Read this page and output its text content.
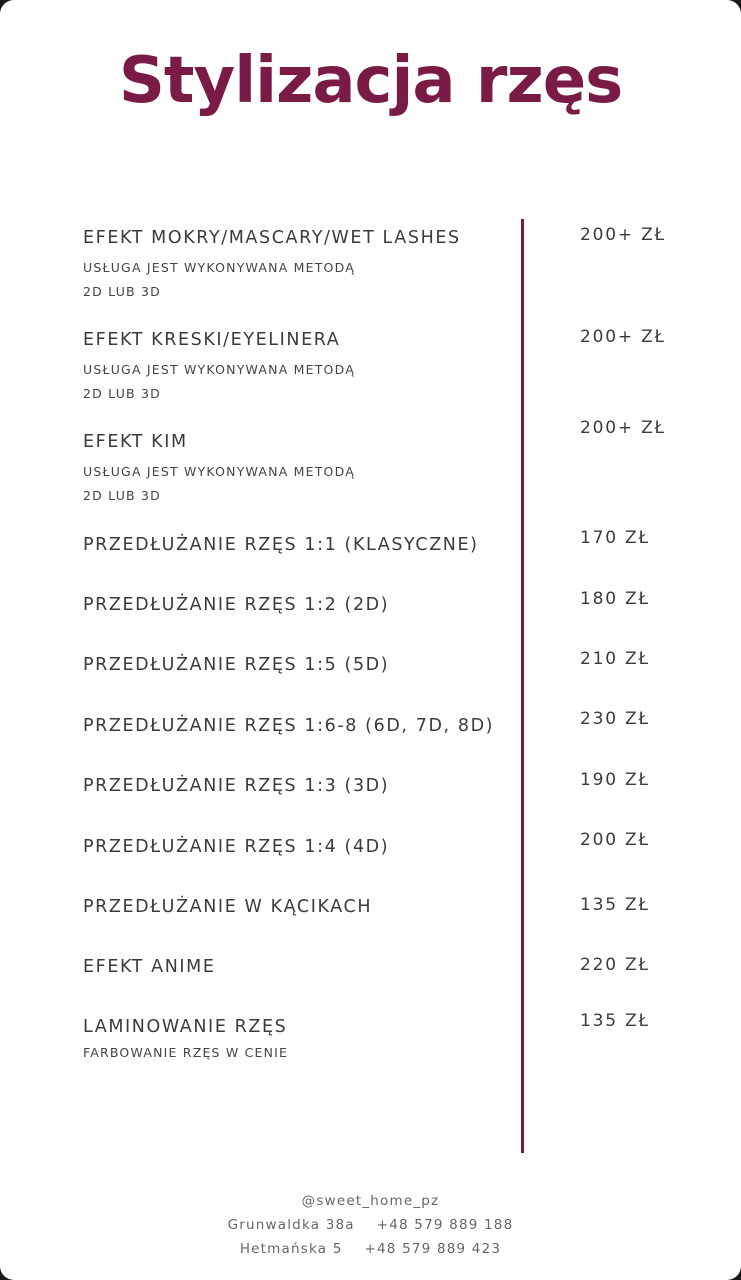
Stylizacja rzęs
EFEKT MOKRY/MASCARY/WET LASHES
USŁUGA JEST WYKONYWANA METODĄ
2D LUB 3D
200+ ZŁ
EFEKT KRESKI/EYELINERA
USŁUGA JEST WYKONYWANA METODĄ
2D LUB 3D
200+ ZŁ
EFEKT KIM
USŁUGA JEST WYKONYWANA METODĄ
2D LUB 3D
200+ ZŁ
PRZEDŁUŻANIE RZĘS 1:1 (KLASYCZNE)	170 ZŁ
PRZEDŁUŻANIE RZĘS 1:2 (2D)	180 ZŁ
PRZEDŁUŻANIE RZĘS 1:5 (5D)	210 ZŁ
PRZEDŁUŻANIE RZĘS 1:6-8 (6D, 7D, 8D)	230 ZŁ
PRZEDŁUŻANIE RZĘS 1:3 (3D)	190 ZŁ
PRZEDŁUŻANIE RZĘS 1:4 (4D)	200 ZŁ
PRZEDŁUŻANIE W KĄCIKACH	135 ZŁ
EFEKT ANIME	220 ZŁ
LAMINOWANIE RZĘS
FARBOWANIE RZĘS W CENIE
135 ZŁ
@sweet_home_pz
Grunwaldka 38a +48 579 889 188
Hetmańska 5 +48 579 889 423
